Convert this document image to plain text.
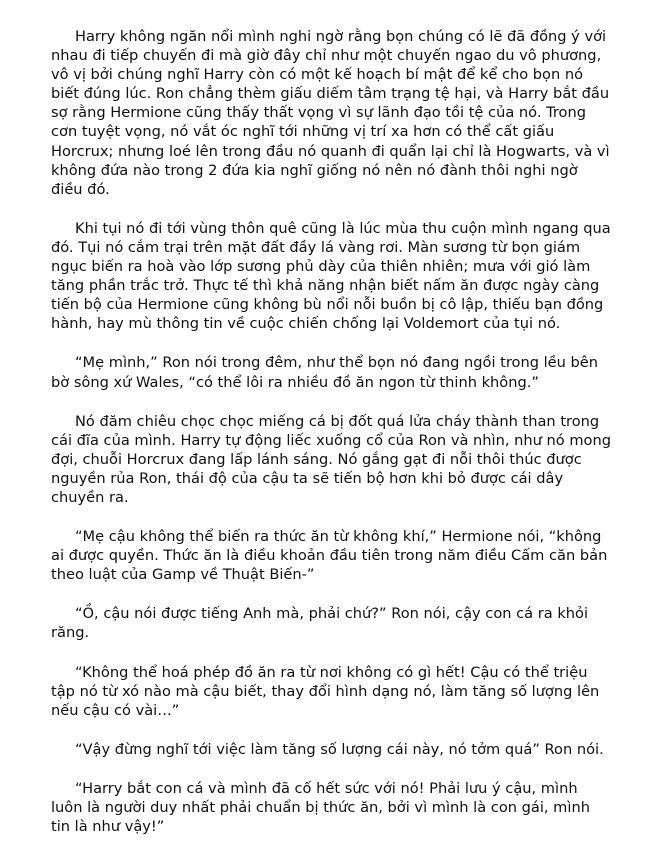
Harry không ngăn nổi mình nghi ngờ rằng bọn chúng có lẽ đã đồng ý với nhau đi tiếp chuyến đi mà giờ đây chỉ như một chuyến ngao du vô phương, vô vị bởi chúng nghĩ Harry còn có một kế hoạch bí mật để kể cho bọn nó biết đúng lúc. Ron chẳng thèm giấu diếm tâm trạng tệ hại, và Harry bắt đầu sợ rằng Hermione cũng thấy thất vọng vì sự lãnh đạo tồi tệ của nó. Trong cơn tuyệt vọng, nó vắt óc nghĩ tới những vị trí xa hơn có thể cất giấu Horcrux; nhưng loé lên trong đầu nó quanh đi quẩn lại chỉ là Hogwarts, và vì không đứa nào trong 2 đứa kia nghĩ giống nó nên nó đành thôi nghi ngờ điều đó.

Khi tụi nó đi tới vùng thôn quê cũng là lúc mùa thu cuộn mình ngang qua đó. Tụi nó cắm trại trên mặt đất đầy lá vàng rơi. Màn sương từ bọn giám ngục biến ra hoà vào lớp sương phủ dày của thiên nhiên; mưa với gió làm tăng phần trắc trở. Thực tế thì khả năng nhận biết nấm ăn được ngày càng tiến bộ của Hermione cũng không bù nổi nỗi buồn bị cô lập, thiếu bạn đồng hành, hay mù thông tin về cuộc chiến chống lại Voldemort của tụi nó.

“Mẹ mình,” Ron nói trong đêm, như thể bọn nó đang ngồi trong lều bên bờ sông xứ Wales, “có thể lôi ra nhiều đồ ăn ngon từ thinh không.”

Nó đăm chiêu chọc chọc miếng cá bị đốt quá lửa cháy thành than trong cái đĩa của mình. Harry tự động liếc xuống cổ của Ron và nhìn, như nó mong đợi, chuỗi Horcrux đang lấp lánh sáng. Nó gắng gạt đi nỗi thôi thúc được nguyền rủa Ron, thái độ của cậu ta sẽ tiến bộ hơn khi bỏ được cái dây chuyền ra.

“Mẹ cậu không thể biến ra thức ăn từ không khí,” Hermione nói, “không ai được quyền. Thức ăn là điều khoản đầu tiên trong năm điều Cấm căn bản theo luật của Gamp về Thuật Biến-”

“Ồ, cậu nói được tiếng Anh mà, phải chứ?” Ron nói, cậy con cá ra khỏi răng.

“Không thể hoá phép đồ ăn ra từ nơi không có gì hết! Cậu có thể triệu tập nó từ xó nào mà cậu biết, thay đổi hình dạng nó, làm tăng số lượng lên nếu cậu có vài…”

“Vậy đừng nghĩ tới việc làm tăng số lượng cái này, nó tởm quá” Ron nói.

“Harry bắt con cá và mình đã cố hết sức với nó! Phải lưu ý cậu, mình luôn là người duy nhất phải chuẩn bị thức ăn, bởi vì mình là con gái, mình tin là như vậy!”
